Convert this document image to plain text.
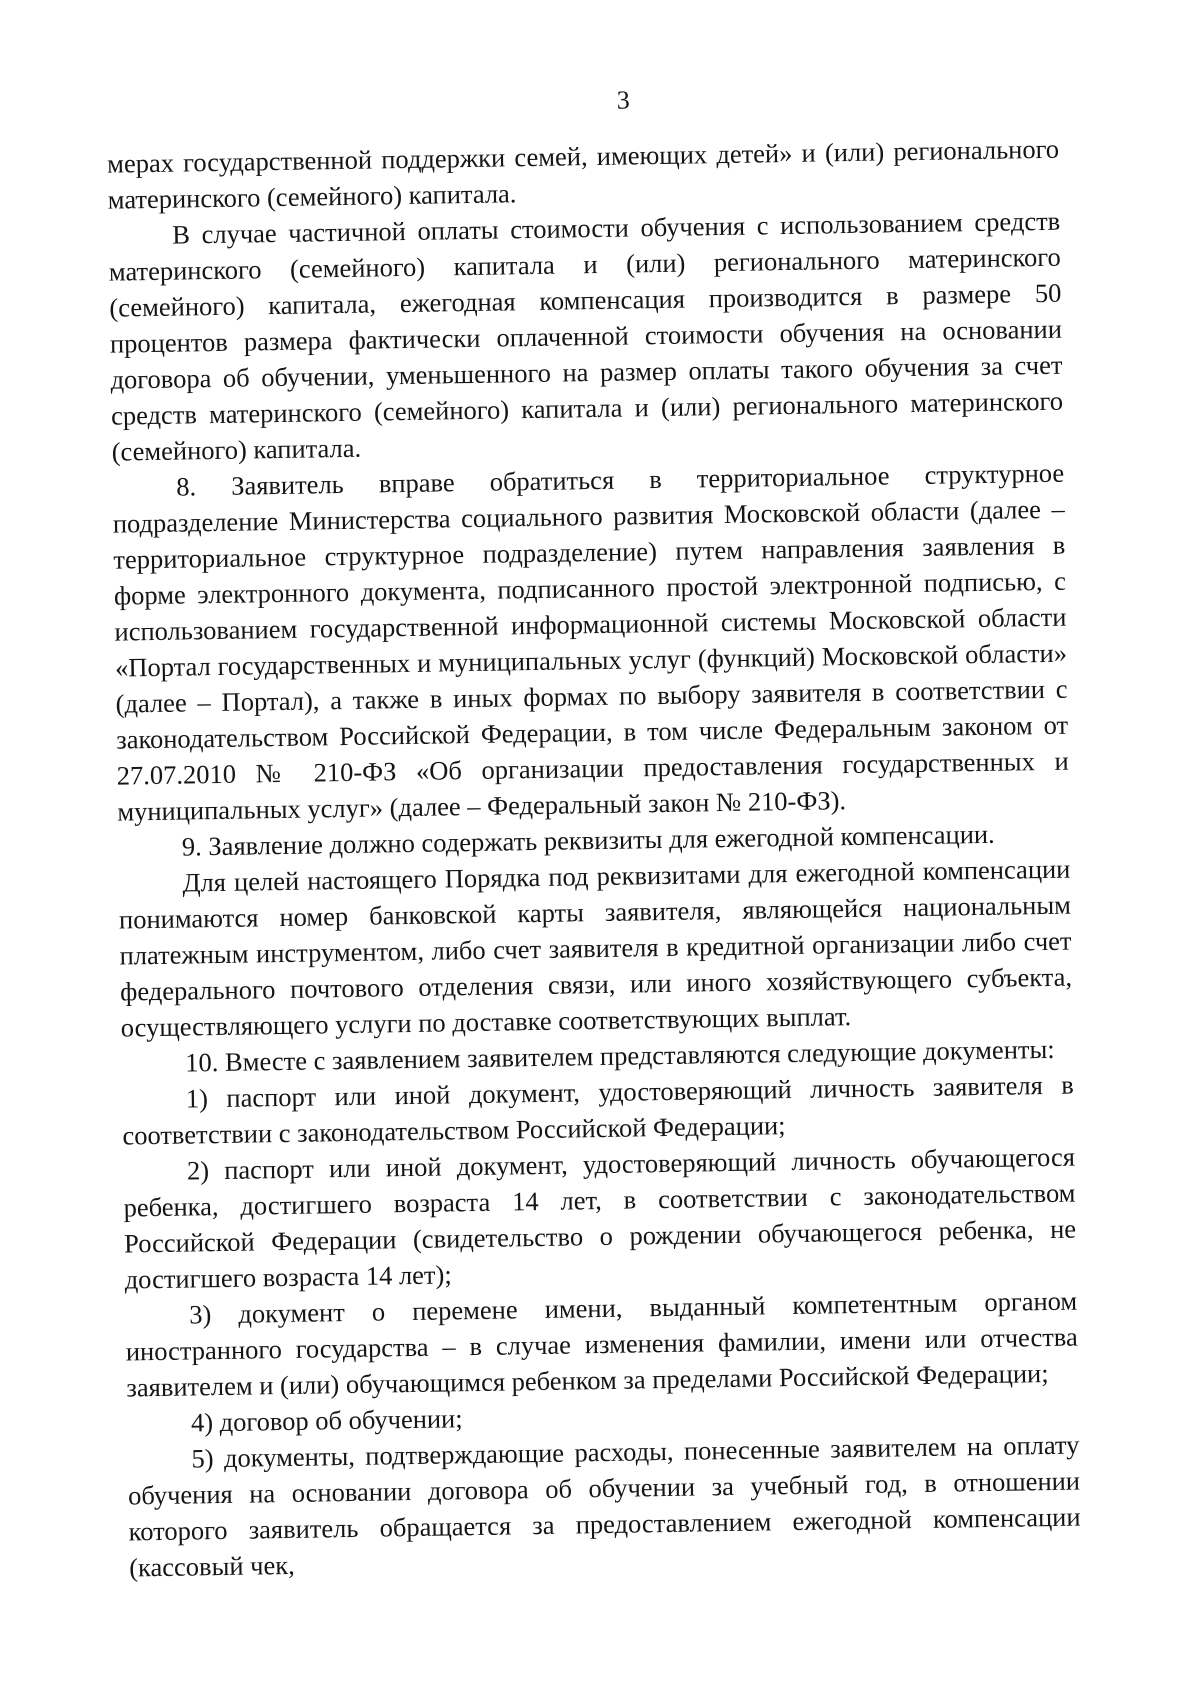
3

мерах государственной поддержки семей, имеющих детей» и (или) регионального материнского (семейного) капитала.

В случае частичной оплаты стоимости обучения с использованием средств материнского (семейного) капитала и (или) регионального материнского (семейного) капитала, ежегодная компенсация производится в размере 50 процентов размера фактически оплаченной стоимости обучения на основании договора об обучении, уменьшенного на размер оплаты такого обучения за счет средств материнского (семейного) капитала и (или) регионального материнского (семейного) капитала.

8. Заявитель вправе обратиться в территориальное структурное подразделение Министерства социального развития Московской области (далее – территориальное структурное подразделение) путем направления заявления в форме электронного документа, подписанного простой электронной подписью, с использованием государственной информационной системы Московской области «Портал государственных и муниципальных услуг (функций) Московской области» (далее – Портал), а также в иных формах по выбору заявителя в соответствии с законодательством Российской Федерации, в том числе Федеральным законом от 27.07.2010 № 210-ФЗ «Об организации предоставления государственных и муниципальных услуг» (далее – Федеральный закон № 210-ФЗ).

9. Заявление должно содержать реквизиты для ежегодной компенсации.

Для целей настоящего Порядка под реквизитами для ежегодной компенсации понимаются номер банковской карты заявителя, являющейся национальным платежным инструментом, либо счет заявителя в кредитной организации либо счет федерального почтового отделения связи, или иного хозяйствующего субъекта, осуществляющего услуги по доставке соответствующих выплат.

10. Вместе с заявлением заявителем представляются следующие документы:

1) паспорт или иной документ, удостоверяющий личность заявителя в соответствии с законодательством Российской Федерации;

2) паспорт или иной документ, удостоверяющий личность обучающегося ребенка, достигшего возраста 14 лет, в соответствии с законодательством Российской Федерации (свидетельство о рождении обучающегося ребенка, не достигшего возраста 14 лет);

3) документ о перемене имени, выданный компетентным органом иностранного государства – в случае изменения фамилии, имени или отчества заявителем и (или) обучающимся ребенком за пределами Российской Федерации;

4) договор об обучении;

5) документы, подтверждающие расходы, понесенные заявителем на оплату обучения на основании договора об обучении за учебный год, в отношении которого заявитель обращается за предоставлением ежегодной компенсации (кассовый чек,
